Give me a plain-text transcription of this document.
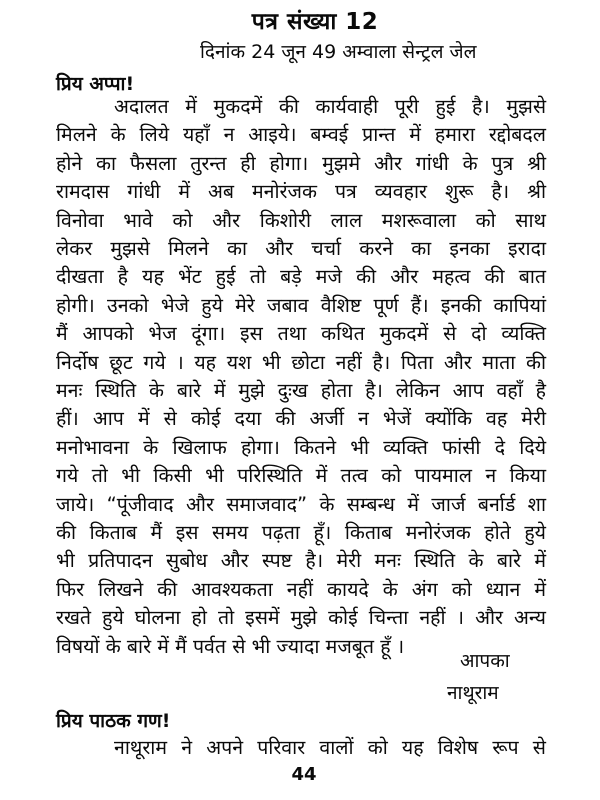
पत्र संख्या 12
दिनांक 24 जून 49 अम्वाला सेन्ट्रल जेल
प्रिय अप्पा!
अदालत में मुकदमें की कार्यवाही पूरी हुई है। मुझसे
मिलने के लिये यहाँ न आइये। बम्वई प्रान्त में हमारा रद्दोबदल
होने का फैसला तुरन्त ही होगा। मुझमे और गांधी के पुत्र श्री
रामदास गांधी में अब मनोरंजक पत्र व्यवहार शुरू है। श्री
विनोवा भावे को और किशोरी लाल मशरूवाला को साथ
लेकर मुझसे मिलने का और चर्चा करने का इनका इरादा
दीखता है यह भेंट हुई तो बड़े मजे की और महत्व की बात
होगी। उनको भेजे हुये मेरे जबाव वैशिष्ट पूर्ण हैं। इनकी कापियां
मैं आपको भेज दूंगा। इस तथा कथित मुकदमें से दो व्यक्ति
निर्दोष छूट गये । यह यश भी छोटा नहीं है। पिता और माता की
मनः स्थिति के बारे में मुझे दुःख होता है। लेकिन आप वहाँ है
हीं। आप में से कोई दया की अर्जी न भेजें क्योंकि वह मेरी
मनोभावना के खिलाफ होगा। कितने भी व्यक्ति फांसी दे दिये
गये तो भी किसी भी परिस्थिति में तत्व को पायमाल न किया
जाये। “पूंजीवाद और समाजवाद” के सम्बन्ध में जार्ज बर्नार्ड शा
की किताब मैं इस समय पढ़ता हूँ। किताब मनोरंजक होते हुये
भी प्रतिपादन सुबोध और स्पष्ट है। मेरी मनः स्थिति के बारे में
फिर लिखने की आवश्यकता नहीं कायदे के अंग को ध्यान में
रखते हुये घोलना हो तो इसमें मुझे कोई चिन्ता नहीं । और अन्य
विषयों के बारे में मैं पर्वत से भी ज्यादा मजबूत हूँ ।
आपका
नाथूराम
प्रिय पाठक गण!
नाथूराम ने अपने परिवार वालों को यह विशेष रूप से
44
